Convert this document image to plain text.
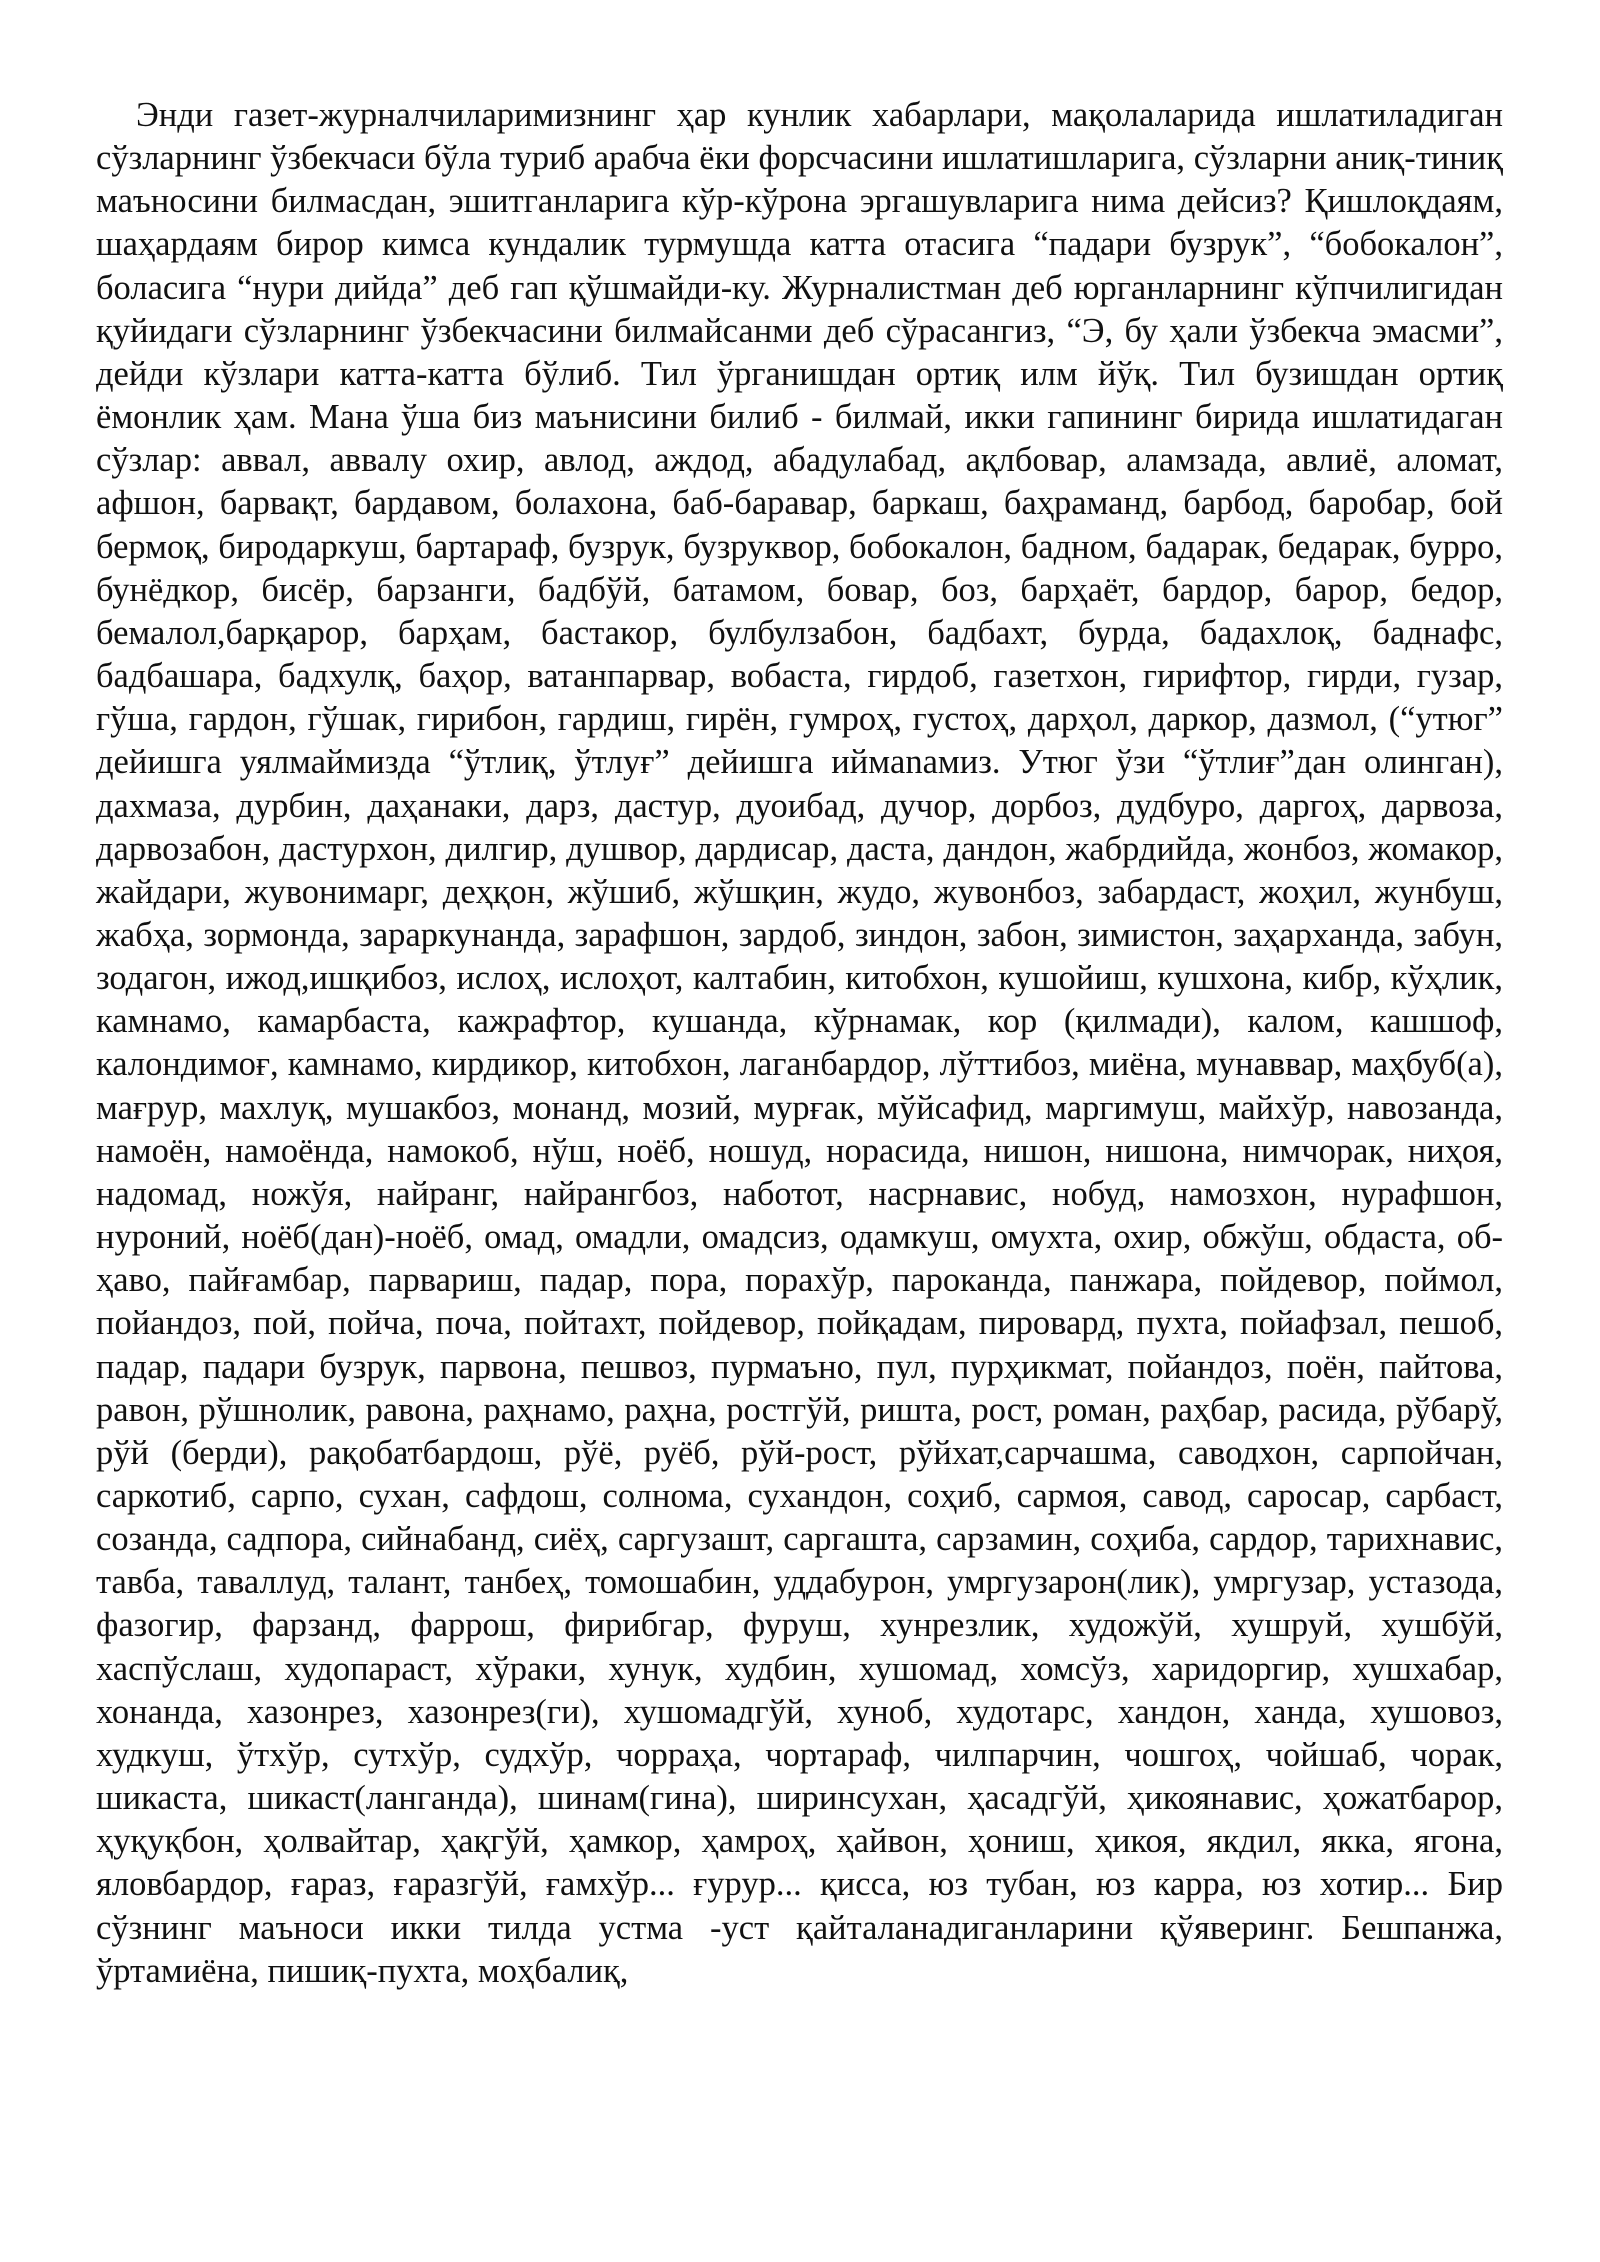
Энди газет-журналчиларимизнинг ҳар кунлик хабарлари, мақолаларида ишлатиладиган сўзларнинг ўзбекчаси бўла туриб арабча ёки форсчасини ишлатишларига, сўзларни аниқ-тиниқ маъносини билмасдан, эшитганларига кўр-кўрона эргашувларига нима дейсиз? Қишлоқдаям, шаҳардаям бирор кимса кундалик турмушда катта отасига “падари бузрук”, “бобокалон”, боласига “нури дийда” деб гап қўшмайди-ку. Журналистман деб юрганларнинг кўпчилигидан қуйидаги сўзларнинг ўзбекчасини билмайсанми деб сўрасангиз, “Э, бу ҳали ўзбекча эмасми”, дейди кўзлари катта-катта бўлиб. Тил ўрганишдан ортиқ илм йўқ. Тил бузишдан ортиқ ёмонлик ҳам. Мана ўша биз маънисини билиб - билмай, икки гапининг бирида ишлатидаган сўзлар: аввал, аввалу охир, авлод, аждод, абадулабад, ақлбовар, аламзада, авлиё, аломат, афшон, барвақт, бардавом, болахона, баб-баравар, баркаш, баҳраманд, барбод, баробар, бой бермоқ, биродаркуш, бартараф, бузрук, бузруквор, бобокалон, бадном, бадарак, бедарак, бурро, бунёдкор, бисёр, барзанги, бадбўй, батамом, бовар, боз, барҳаёт, бардор, барор, бедор, бемалол,барқарор, барҳам, бастакор, булбулзабон, бадбахт, бурда, бадахлоқ, баднафс, бадбашара, бадхулқ, баҳор, ватанпарвар, вобаста, гирдоб, газетхон, гирифтор, гирди, гузар, гўша, гардон, гўшак, гирибон, гардиш, гирён, гумроҳ, густоҳ, дарҳол, даркор, дазмол, (“утюг” дейишга уялмаймизда “ўтлиқ, ўтлуғ” дейишга иймanaмиз. Утюг ўзи “ўтлиғ”дан олинган), дахмаза, дурбин, даҳанаки, дарз, дастур, дуоибад, дучор, дорбоз, дудбуро, даргоҳ, дарвоза, дарвозабон, дастурхон, дилгир, душвор, дардисар, даста, дандон, жабрдийда, жонбоз, жомакор, жайдари, жувонимарг, деҳқон, жўшиб, жўшқин, жудо, жувонбоз, забардаст, жоҳил, жунбуш, жабҳа, зормонда, зараркунанда, зарафшон, зардоб, зиндон, забон, зимистон, заҳарханда, забун, зодагон, ижод,ишқибоз, ислоҳ, ислоҳот, калтабин, китобхон, кушойиш, кушхона, кибр, кўҳлик, камнамо, камарбаста, кажрафтор, кушанда, кўрнамак, кор (қилмади), калом, кашшоф, калондимоғ, камнамо, кирдикор, китобхон, лаганбардор, лўттибоз, миёна, мунаввар, маҳбуб(а), мағрур, махлуқ, мушакбоз, монанд, мозий, мурғак, мўйсафид, маргимуш, майхўр, навозанда, намоён, намоёнда, намокоб, нўш, ноёб, ношуд, норасида, нишон, нишона, нимчорак, ниҳоя, надомад, ножўя, найранг, найрангбоз, наботот, насрнавис, нобуд, намозхон, нурафшон, нуроний, ноёб(дан)-ноёб, омад, омадли, омадсиз, одамкуш, омухта, охир, обжўш, обдаста, об-ҳаво, пайғамбар, парвариш, падар, пора, порахўр, пароканда, панжара, пойдевор, поймол, пойандоз, пой, пойча, поча, пойтахт, пойдевор, пойқадам, пировард, пухта, пойафзал, пешоб, падар, падари бузрук, парвона, пешвоз, пурмаъно, пул, пурҳикмат, пойандоз, поён, пайтова, равон, рўшнолик, равона, раҳнамо, раҳна, ростгўй, ришта, рост, роман, раҳбар, расида, рўбарў, рўй (берди), рақобатбардош, рўё, руёб, рўй-рост, рўйхат,сарчашма, саводхон, сарпойчан, саркотиб, сарпо, сухан, сафдош, солнома, сухандон, соҳиб, сармоя, савод, саросар, сарбаст, созанда, садпора, сийнабанд, сиёҳ, саргузашт, саргашта, сарзамин, соҳиба, сардор, тарихнавис, тавба, таваллуд, талант, танбеҳ, томошабин, уддабурон, умргузарон(лик), умргузар, устазода, фазогир, фарзанд, фаррош, фирибгар, фуруш, хунрезлик, художўй, хушруй, хушбўй, хаспўслаш, худопараст, хўраки, хунук, худбин, хушомад, хомсўз, харидоргир, хушхабар, хонанда, хазонрез, хазонрез(ги), хушомадгўй, хуноб, худотарс, хандон, ханда, хушовоз, худкуш, ўтхўр, сутхўр, судхўр, чорраҳа, чортараф, чилпарчин, чошгоҳ, чойшаб, чорак, шикаста, шикаст(ланганда), шинам(гина), ширинсухан, ҳасадгўй, ҳикоянавис, ҳожатбарор, ҳуқуқбон, ҳолвайтар, ҳақгўй, ҳамкор, ҳамроҳ, ҳайвон, ҳониш, ҳикоя, якдил, якка, ягона, яловбардор, ғараз, ғаразгўй, ғамхўр... ғурур... қисса, юз тубан, юз карра, юз хотир... Бир сўзнинг маъноси икки тилда устма -уст қайталанадиганларини қўяверинг. Бешпанжа, ўртамиёна, пишиқ-пухта, моҳбалиқ,
